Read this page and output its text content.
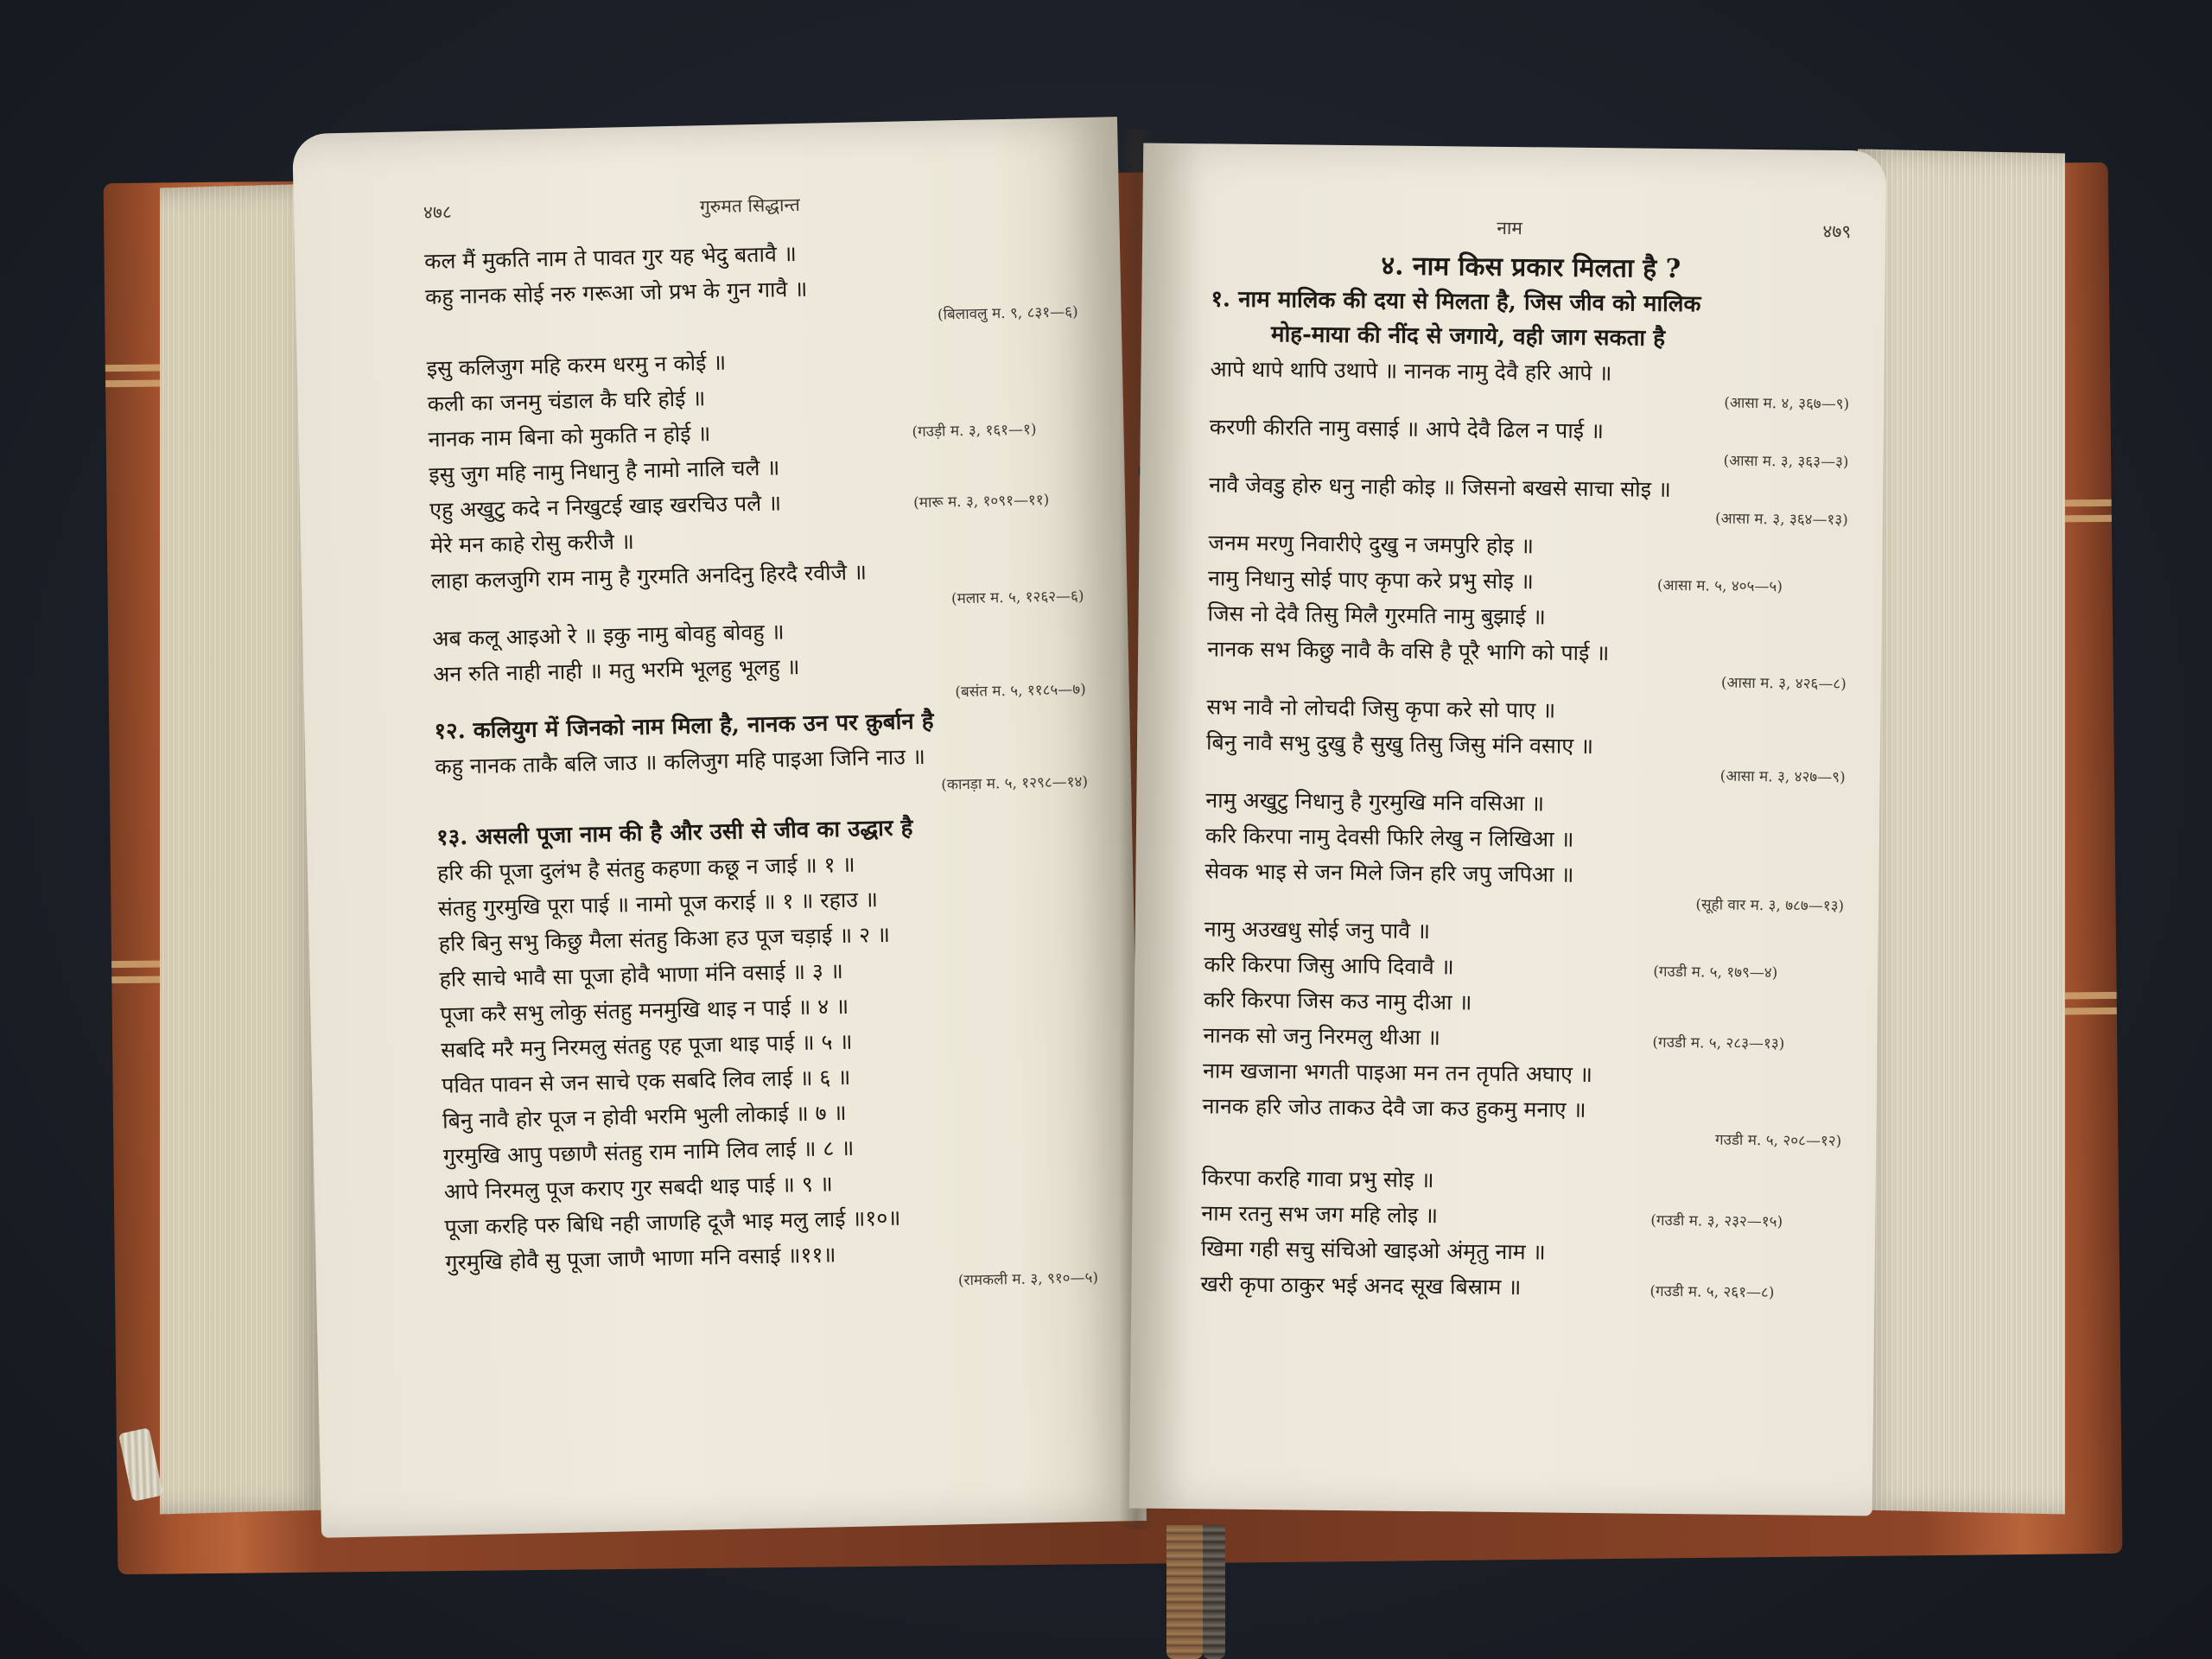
४७८	गुरुमत सिद्धान्त
कल मैं मुकति नाम ते पावत गुर यह भेदु बतावै ॥
कहु नानक सोई नरु गरूआ जो प्रभ के गुन गावै ॥
(बिलावलु म. ९, ८३१—६)
इसु कलिजुग महि करम धरमु न कोई ॥
कली का जनमु चंडाल कै घरि होई ॥
नानक नाम बिना को मुकति न होई ॥	(गउड़ी म. ३, १६१—१)
इसु जुग महि नामु निधानु है नामो नालि चलै ॥
एहु अखुटु कदे न निखुटई खाइ खरचिउ पलै ॥	(मारू म. ३, १०९१—११)
मेरे मन काहे रोसु करीजै ॥
लाहा कलजुगि राम नामु है गुरमति अनदिनु हिरदै रवीजै ॥
(मलार म. ५, १२६२—६)
अब कलू आइओ रे ॥ इकु नामु बोवहु बोवहु ॥
अन रुति नाही नाही ॥ मतु भरमि भूलहु भूलहु ॥
(बसंत म. ५, ११८५—७)
१२. कलियुग में जिनको नाम मिला है, नानक उन पर क़ुर्बान है
कहु नानक ताकै बलि जाउ ॥ कलिजुग महि पाइआ जिनि नाउ ॥
(कानड़ा म. ५, १२९८—१४)
१३. असली पूजा नाम की है और उसी से जीव का उद्धार है
हरि की पूजा दुलंभ है संतहु कहणा कछू न जाई ॥ १ ॥
संतहु गुरमुखि पूरा पाई ॥ नामो पूज कराई ॥ १ ॥ रहाउ ॥
हरि बिनु सभु किछु मैला संतहु किआ हउ पूज चड़ाई ॥ २ ॥
हरि साचे भावै सा पूजा होवै भाणा मंनि वसाई ॥ ३ ॥
पूजा करै सभु लोकु संतहु मनमुखि थाइ न पाई ॥ ४ ॥
सबदि मरै मनु निरमलु संतहु एह पूजा थाइ पाई ॥ ५ ॥
पवित पावन से जन साचे एक सबदि लिव लाई ॥ ६ ॥
बिनु नावै होर पूज न होवी भरमि भुली लोकाई ॥ ७ ॥
गुरमुखि आपु पछाणै संतहु राम नामि लिव लाई ॥ ८ ॥
आपे निरमलु पूज कराए गुर सबदी थाइ पाई ॥ ९ ॥
पूजा करहि परु बिधि नही जाणहि दूजै भाइ मलु लाई ॥१०॥
गुरमुखि होवै सु पूजा जाणै भाणा मनि वसाई ॥११॥
(रामकली म. ३, ९१०—५)
नाम	४७९
४. नाम किस प्रकार मिलता है ?
१. नाम मालिक की दया से मिलता है, जिस जीव को मालिक
मोह-माया की नींद से जगाये, वही जाग सकता है
आपे थापे थापि उथापे ॥ नानक नामु देवै हरि आपे ॥
(आसा म. ४, ३६७—९)
करणी कीरति नामु वसाई ॥ आपे देवै ढिल न पाई ॥
(आसा म. ३, ३६३—३)
नावै जेवडु होरु धनु नाही कोइ ॥ जिसनो बखसे साचा सोइ ॥
(आसा म. ३, ३६४—१३)
जनम मरणु निवारीऐ दुखु न जमपुरि होइ ॥
नामु निधानु सोई पाए कृपा करे प्रभु सोइ ॥	(आसा म. ५, ४०५—५)
जिस नो देवै तिसु मिलै गुरमति नामु बुझाई ॥
नानक सभ किछु नावै कै वसि है पूरै भागि को पाई ॥
(आसा म. ३, ४२६—८)
सभ नावै नो लोचदी जिसु कृपा करे सो पाए ॥
बिनु नावै सभु दुखु है सुखु तिसु जिसु मंनि वसाए ॥
(आसा म. ३, ४२७—९)
नामु अखुटु निधानु है गुरमुखि मनि वसिआ ॥
करि किरपा नामु देवसी फिरि लेखु न लिखिआ ॥
सेवक भाइ से जन मिले जिन हरि जपु जपिआ ॥
(सूही वार म. ३, ७८७—१३)
नामु अउखधु सोई जनु पावै ॥
करि किरपा जिसु आपि दिवावै ॥	(गउडी म. ५, १७९—४)
करि किरपा जिस कउ नामु दीआ ॥
नानक सो जनु निरमलु थीआ ॥	(गउडी म. ५, २८३—१३)
नाम खजाना भगती पाइआ मन तन तृपति अघाए ॥
नानक हरि जोउ ताकउ देवै जा कउ हुकमु मनाए ॥
गउडी म. ५, २०८—१२)
किरपा करहि गावा प्रभु सोइ ॥
नाम रतनु सभ जग महि लोइ ॥	(गउडी म. ३, २३२—१५)
खिमा गही सचु संचिओ खाइओ अंमृतु नाम ॥
खरी कृपा ठाकुर भई अनद सूख बिस्राम ॥	(गउडी म. ५, २६१—८)
